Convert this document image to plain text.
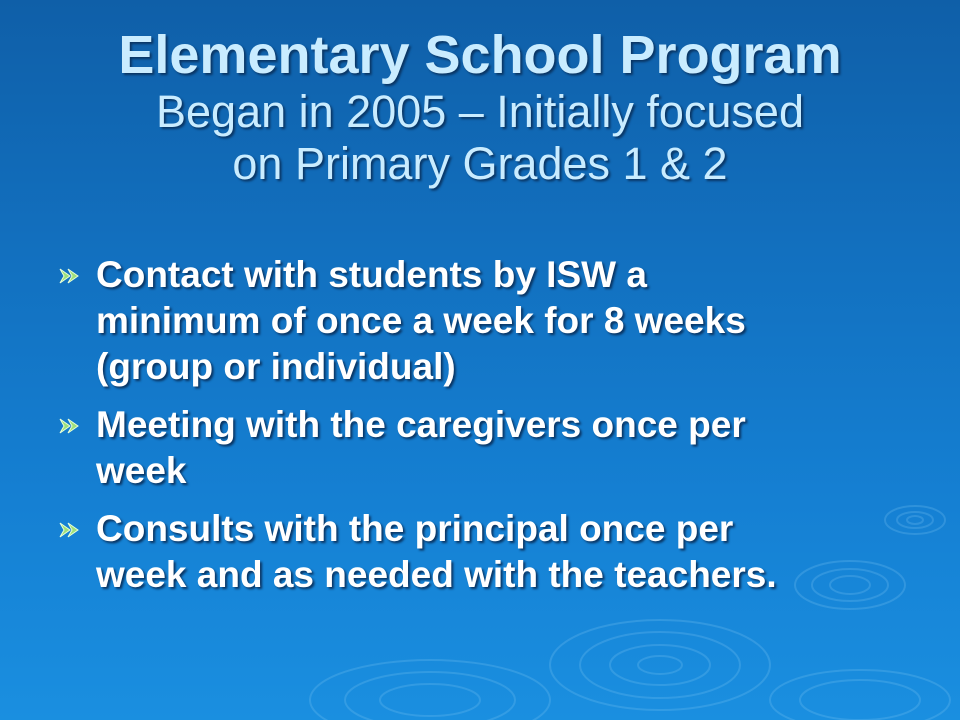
Elementary School Program
Began in 2005 – Initially focused
on Primary Grades 1 & 2
Contact with students by ISW a
minimum of once a week for 8 weeks
(group or individual)
Meeting with the caregivers once per
week
Consults with the principal once per
week and as needed with the teachers.
